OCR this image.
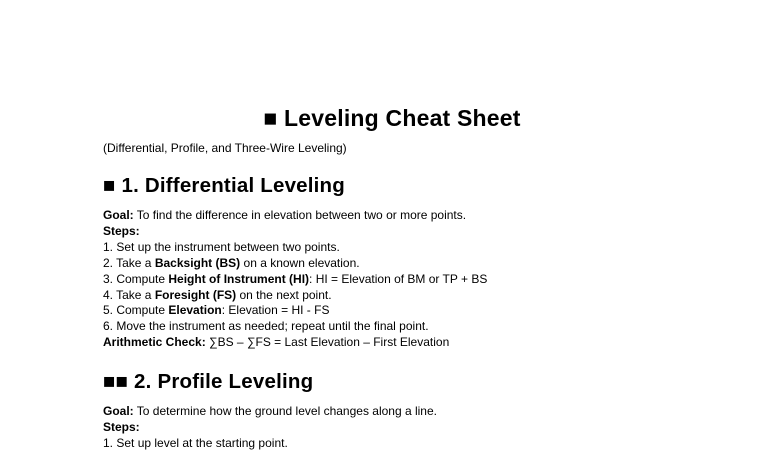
■ Leveling Cheat Sheet

(Differential, Profile, and Three-Wire Leveling)

■ 1. Differential Leveling

Goal: To find the difference in elevation between two or more points.

Steps:

1. Set up the instrument between two points.

2. Take a Backsight (BS) on a known elevation.

3. Compute Height of Instrument (HI): HI = Elevation of BM or TP + BS

4. Take a Foresight (FS) on the next point.

5. Compute Elevation: Elevation = HI - FS

6. Move the instrument as needed; repeat until the final point.

Arithmetic Check: ∑BS – ∑FS = Last Elevation – First Elevation

■■ 2. Profile Leveling

Goal: To determine how the ground level changes along a line.

Steps:

1. Set up level at the starting point.
